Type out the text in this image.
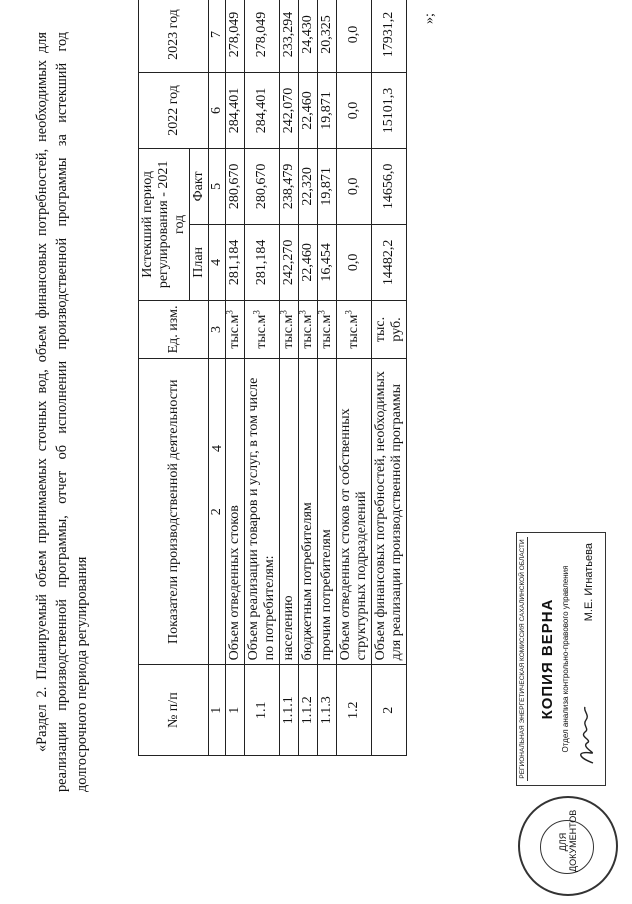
4

«Раздел 2. Планируемый объем принимаемых сточных вод, объем финансовых потребностей, необходимых для реализации производственной программы, отчет об исполнении производственной программы за истекший год долгосрочного периода регулирования	№ п/п	Показатели производственной деятельности	Ед. изм.	Истекший период регулирования - 2021 год		2022 год	2023 год
			План	Факт		
1	2	3	4	5	6	7
1	Объем отведенных стоков	$тыс.м^3$	281,184	280,670	284,401	278,049
1.1	Объем реализации товаров и услуг, в том числе по потребителям:	$тыс.м^3$	281,184	280,670	284,401	278,049
1.1.1	населению	$тыс.м^3$	242,270	238,479	242,070	233,294
1.1.2	бюджетным потребителям	$тыс.м^3$	22,460	22,320	22,460	24,430
1.1.3	прочим потребителям	$тыс.м^3$	16,454	19,871	19,871	20,325
1.2	Объем отведенных стоков от собственных структурных подразделений	$тыс.м^3$	0,0	0,0	0,0	0,0
2	Объем финансовых потребностей, необходимых для реализации производственной программы	тыс. руб.	14482,2	14656,0	15101,3	17931,2 »;
ДЛЯ ДОКУМЕНТОВ
РЕГИОНАЛЬНАЯ ЭНЕРГЕТИЧЕСКАЯ КОМИССИЯ САХАЛИНСКОЙ ОБЛАСТИ КОПИЯ ВЕРНА Отдел анализа контрольно-правового управления М.Е. Игнатьева
